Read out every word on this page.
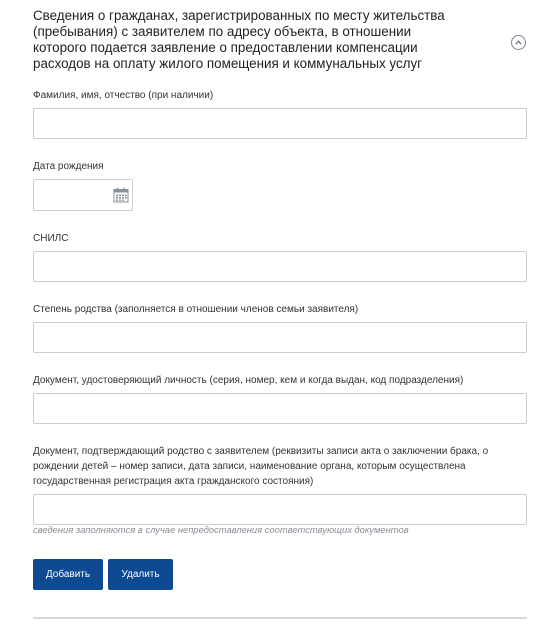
Сведения о гражданах, зарегистрированных по месту жительства
(пребывания) с заявителем по адресу объекта, в отношении
которого подается заявление о предоставлении компенсации
расходов на оплату жилого помещения и коммунальных услуг
Фамилия, имя, отчество (при наличии)
Дата рождения
СНИЛС
Степень родства (заполняется в отношении членов семьи заявителя)
Документ, удостоверяющий личность (серия, номер, кем и когда выдан, код подразделения)
Документ, подтверждающий родство с заявителем (реквизиты записи акта о заключении брака, о
рождении детей – номер записи, дата записи, наименование органа, которым осуществлена
государственная регистрация акта гражданского состояния)
сведения заполняются в случае непредоставления соответствующих документов
Добавить	Удалить
